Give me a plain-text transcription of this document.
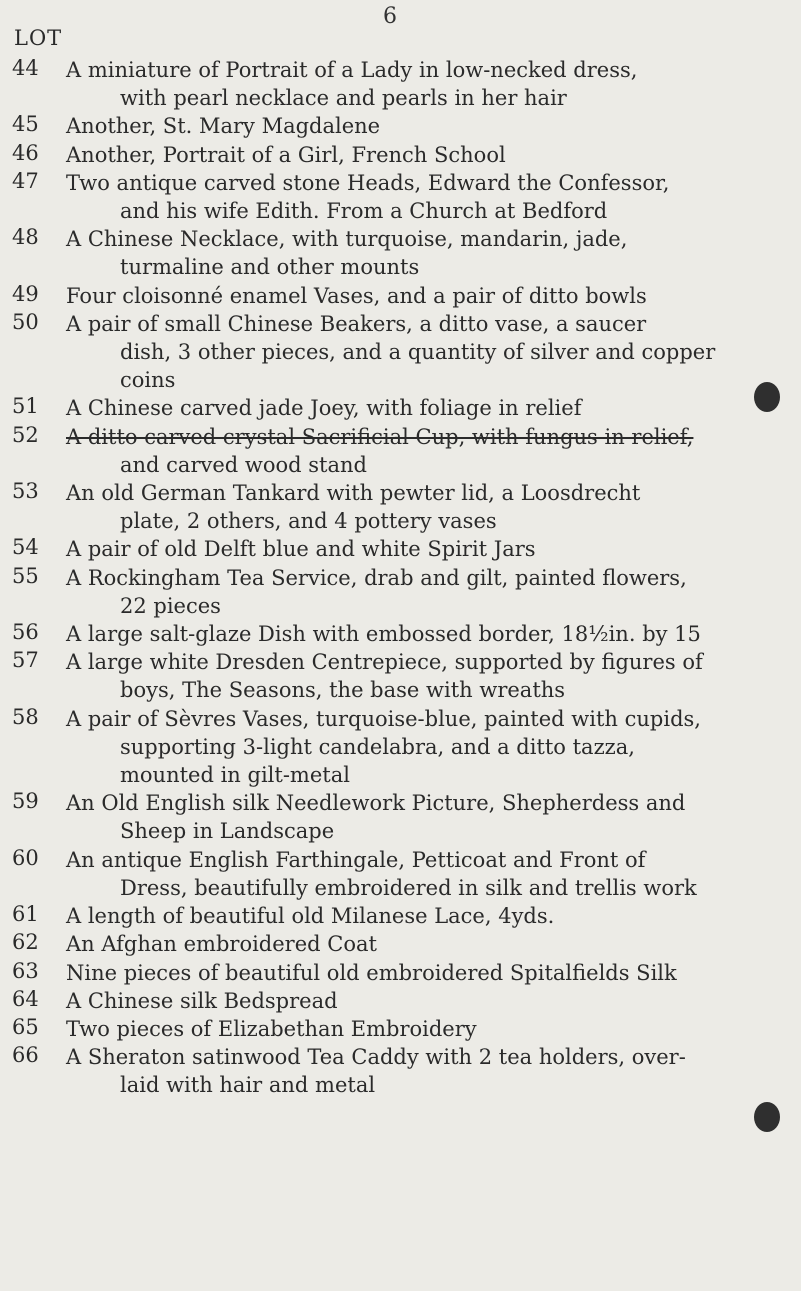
6
LOT
44	A miniature of Portrait of a Lady in low-necked dress,
with pearl necklace and pearls in her hair
45	Another, St. Mary Magdalene
46	Another, Portrait of a Girl, French School
47	Two antique carved stone Heads, Edward the Confessor,
and his wife Edith. From a Church at Bedford
48	A Chinese Necklace, with turquoise, mandarin, jade,
turmaline and other mounts
49	Four cloisonné enamel Vases, and a pair of ditto bowls
50	A pair of small Chinese Beakers, a ditto vase, a saucer
dish, 3 other pieces, and a quantity of silver and copper
coins
51	A Chinese carved jade Joey, with foliage in relief
52	A ditto carved crystal Sacrificial Cup, with fungus in relief,
and carved wood stand
53	An old German Tankard with pewter lid, a Loosdrecht
plate, 2 others, and 4 pottery vases
54	A pair of old Delft blue and white Spirit Jars
55	A Rockingham Tea Service, drab and gilt, painted flowers,
22 pieces
56	A large salt-glaze Dish with embossed border, 18½in. by 15
57	A large white Dresden Centrepiece, supported by figures of
boys, The Seasons, the base with wreaths
58	A pair of Sèvres Vases, turquoise-blue, painted with cupids,
supporting 3-light candelabra, and a ditto tazza,
mounted in gilt-metal
59	An Old English silk Needlework Picture, Shepherdess and
Sheep in Landscape
60	An antique English Farthingale, Petticoat and Front of
Dress, beautifully embroidered in silk and trellis work
61	A length of beautiful old Milanese Lace, 4yds.
62	An Afghan embroidered Coat
63	Nine pieces of beautiful old embroidered Spitalfields Silk
64	A Chinese silk Bedspread
65	Two pieces of Elizabethan Embroidery
66	A Sheraton satinwood Tea Caddy with 2 tea holders, over-
laid with hair and metal
